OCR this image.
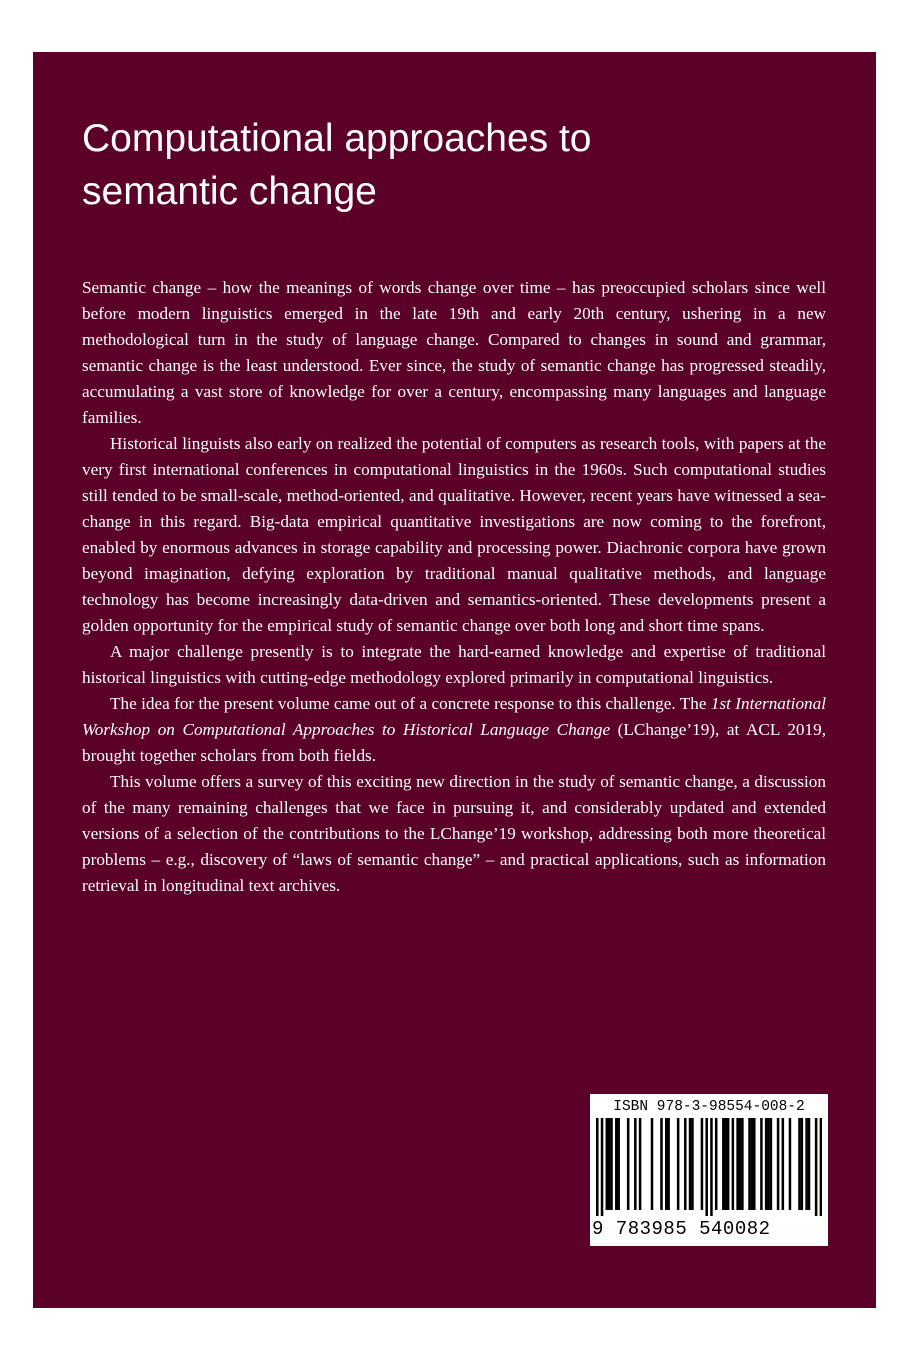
Computational approaches to
semantic change

Semantic change – how the meanings of words change over time – has preoccupied scholars since well before modern linguistics emerged in the late 19th and early 20th century, ushering in a new methodological turn in the study of language change. Compared to changes in sound and grammar, semantic change is the least understood. Ever since, the study of semantic change has progressed steadily, accumulating a vast store of knowledge for over a century, encompassing many languages and language families.

Historical linguists also early on realized the potential of computers as research tools, with papers at the very first international conferences in computational linguistics in the 1960s. Such computational studies still tended to be small-scale, method-oriented, and qualitative. However, recent years have witnessed a sea-change in this regard. Big-data empirical quantitative investigations are now coming to the forefront, enabled by enormous advances in storage capability and processing power. Diachronic corpora have grown beyond imagination, defying exploration by traditional manual qualitative methods, and language technology has become increasingly data-driven and semantics-oriented. These developments present a golden opportunity for the empirical study of semantic change over both long and short time spans.

A major challenge presently is to integrate the hard-earned knowledge and expertise of traditional historical linguistics with cutting-edge methodology explored primarily in computational linguistics.

The idea for the present volume came out of a concrete response to this challenge. The 1st International Workshop on Computational Approaches to Historical Language Change (LChange’19), at ACL 2019, brought together scholars from both fields.

This volume offers a survey of this exciting new direction in the study of semantic change, a discussion of the many remaining challenges that we face in pursuing it, and considerably updated and extended versions of a selection of the contributions to the LChange’19 workshop, addressing both more theoretical problems – e.g., discovery of “laws of semantic change” – and practical applications, such as information retrieval in longitudinal text archives.

ISBN 978-3-98554-008-2
9 783985 540082
